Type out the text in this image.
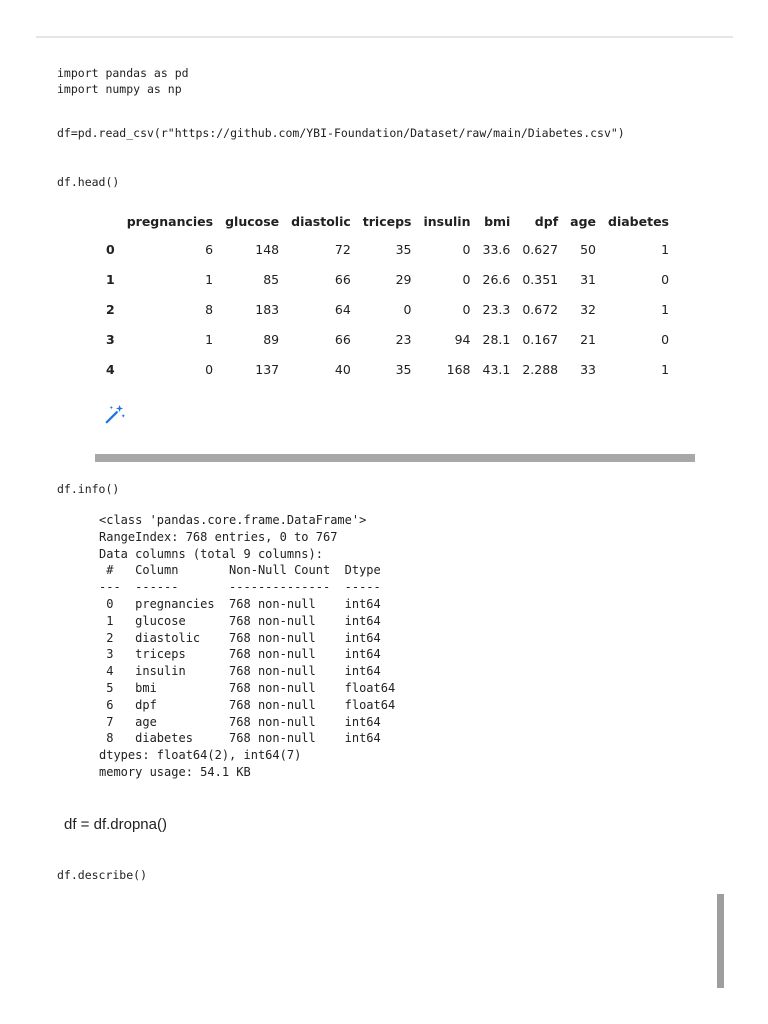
import pandas as pd
import numpy as np
df=pd.read_csv(r"https://github.com/YBI-Foundation/Dataset/raw/main/Diabetes.csv")
df.head()
	pregnancies	glucose	diastolic	triceps	insulin	bmi	dpf	age	diabetes
0	6	148	72	35	0	33.6	0.627	50	1
1	1	85	66	29	0	26.6	0.351	31	0
2	8	183	64	0	0	23.3	0.672	32	1
3	1	89	66	23	94	28.1	0.167	21	0
4	0	137	40	35	168	43.1	2.288	33	1
df.info()
<class 'pandas.core.frame.DataFrame'>
RangeIndex: 768 entries, 0 to 767
Data columns (total 9 columns):
#   Column       Non-Null Count  Dtype
---  ------       --------------  -----
0   pregnancies  768 non-null    int64
1   glucose      768 non-null    int64
2   diastolic    768 non-null    int64
3   triceps      768 non-null    int64
4   insulin      768 non-null    int64
5   bmi          768 non-null    float64
6   dpf          768 non-null    float64
7   age          768 non-null    int64
8   diabetes     768 non-null    int64
dtypes: float64(2), int64(7)
memory usage: 54.1 KB
df = df.dropna()
df.describe()
